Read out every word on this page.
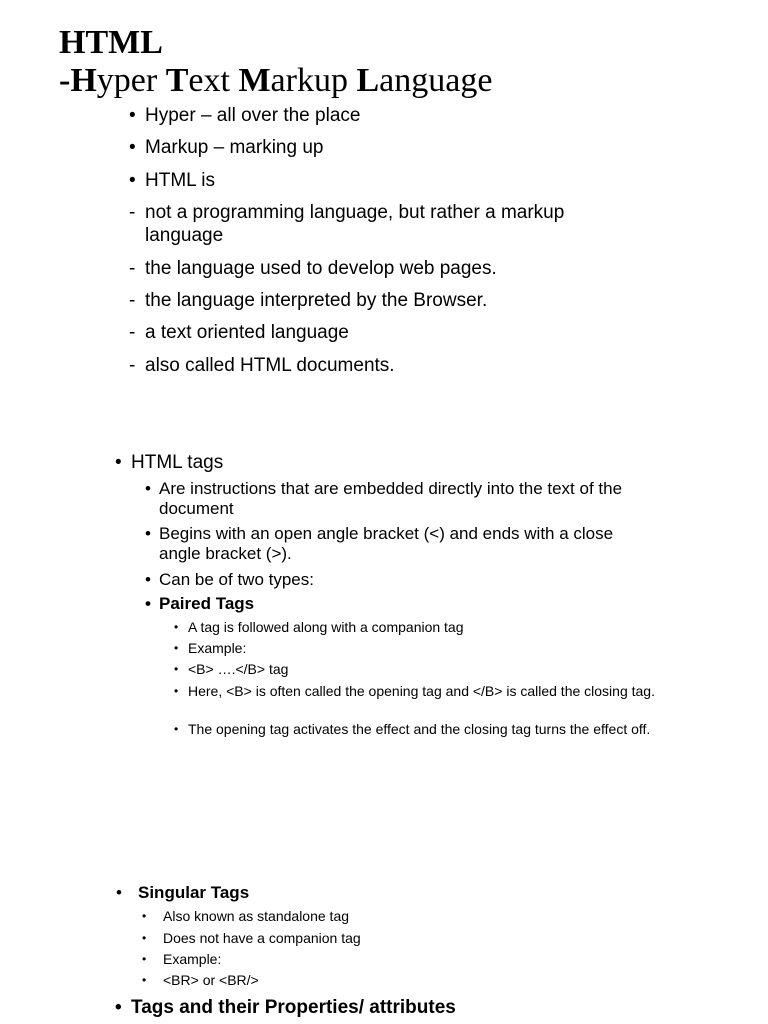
HTML
-Hyper Text Markup Language
• Hyper – all over the place
• Markup – marking up
• HTML is
- not a programming language, but rather a markup language
- the language used to develop web pages.
- the language interpreted by the Browser.
- a text oriented language
- also called HTML documents.
• HTML tags
• Are instructions that are embedded directly into the text of the document
• Begins with an open angle bracket (<) and ends with a close angle bracket (>).
• Can be of two types:
• Paired Tags
• A tag is followed along with a companion tag
• Example:
• <B> ….</B> tag
• Here, <B> is often called the opening tag and </B> is called the closing tag.
• The opening tag activates the effect and the closing tag turns the effect off.
• Singular Tags
• Also known as standalone tag
• Does not have a companion tag
• Example:
• <BR> or <BR/>
• Tags and their Properties/ attributes
